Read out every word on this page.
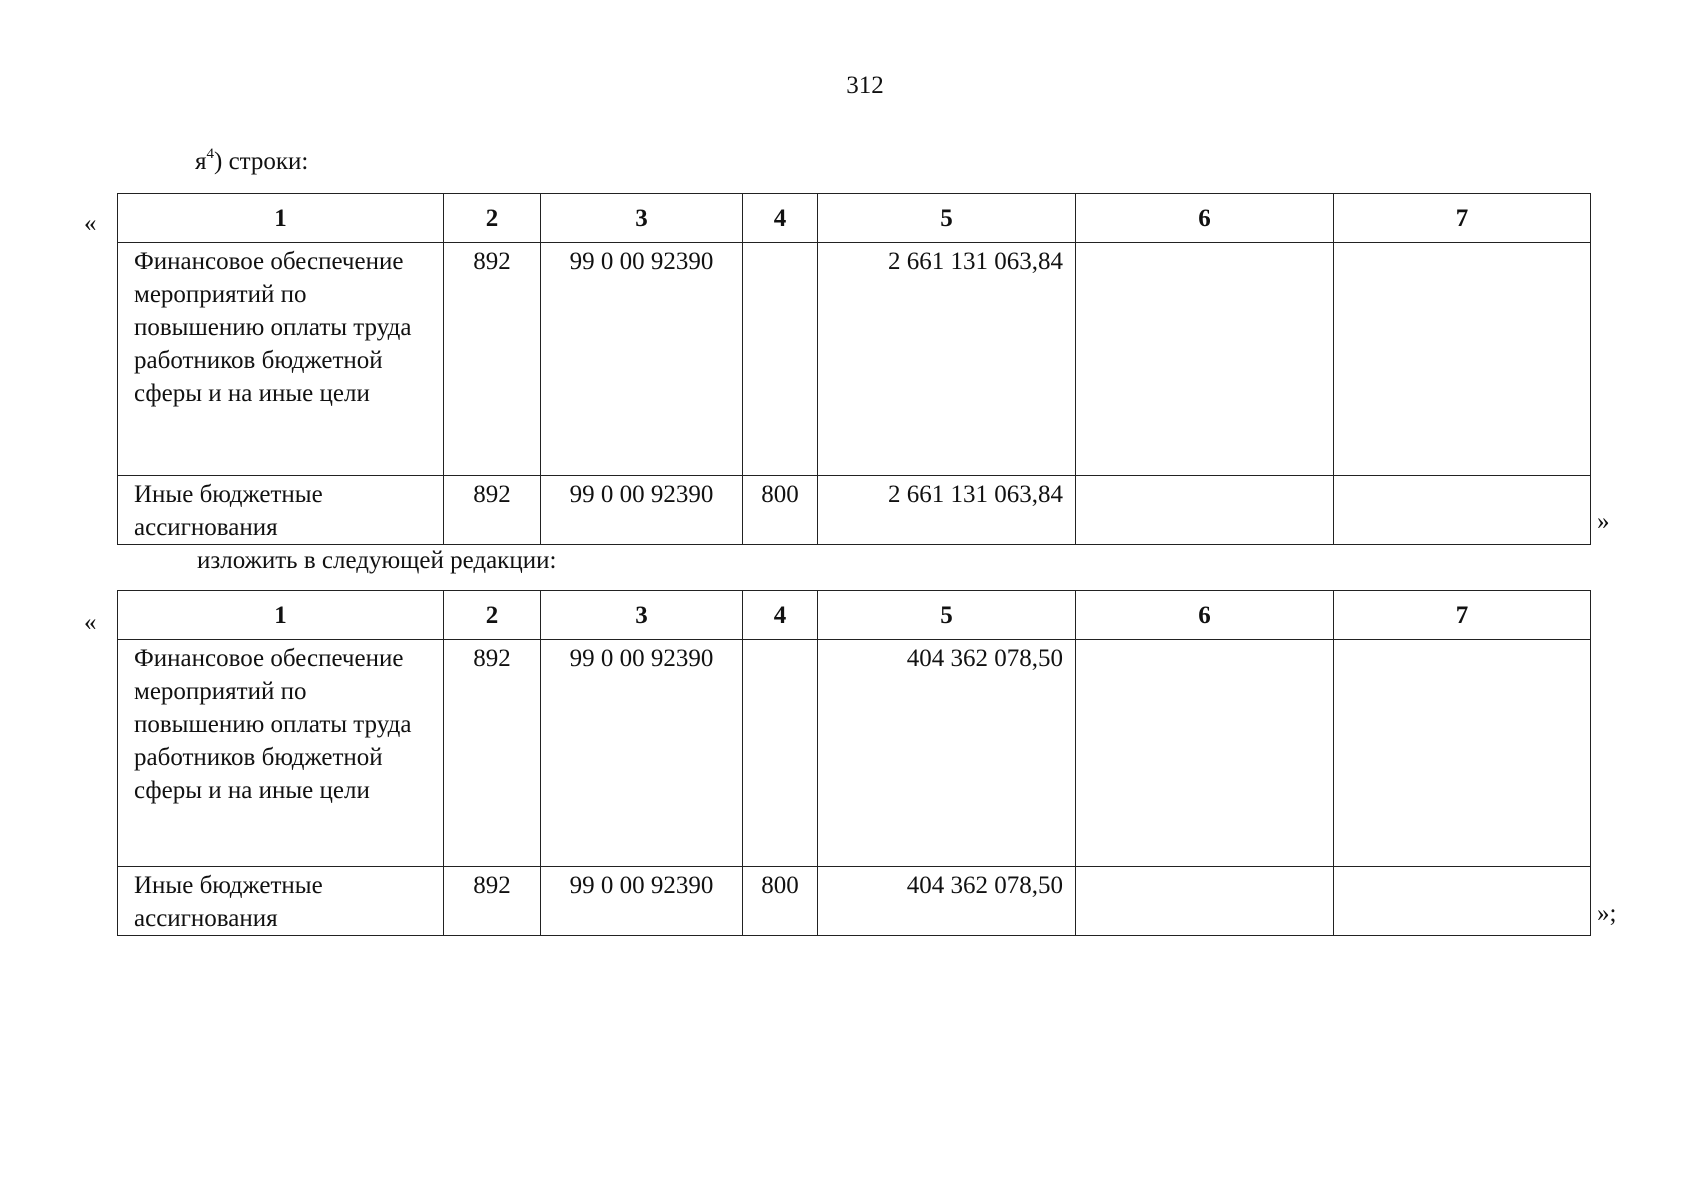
312
$я^4$) строки:
«	1	2	3	4	5	6	7
Финансовое обеспечение мероприятий по повышению оплаты труда работников бюджетной сферы и на иные цели	892	99 0 00 92390		2 661 131 063,84		
Иные бюджетные ассигнования	892	99 0 00 92390	800	2 661 131 063,84		
»
изложить в следующей редакции:
«	1	2	3	4	5	6	7
Финансовое обеспечение мероприятий по повышению оплаты труда работников бюджетной сферы и на иные цели	892	99 0 00 92390		404 362 078,50		
Иные бюджетные ассигнования	892	99 0 00 92390	800	404 362 078,50		
»;
